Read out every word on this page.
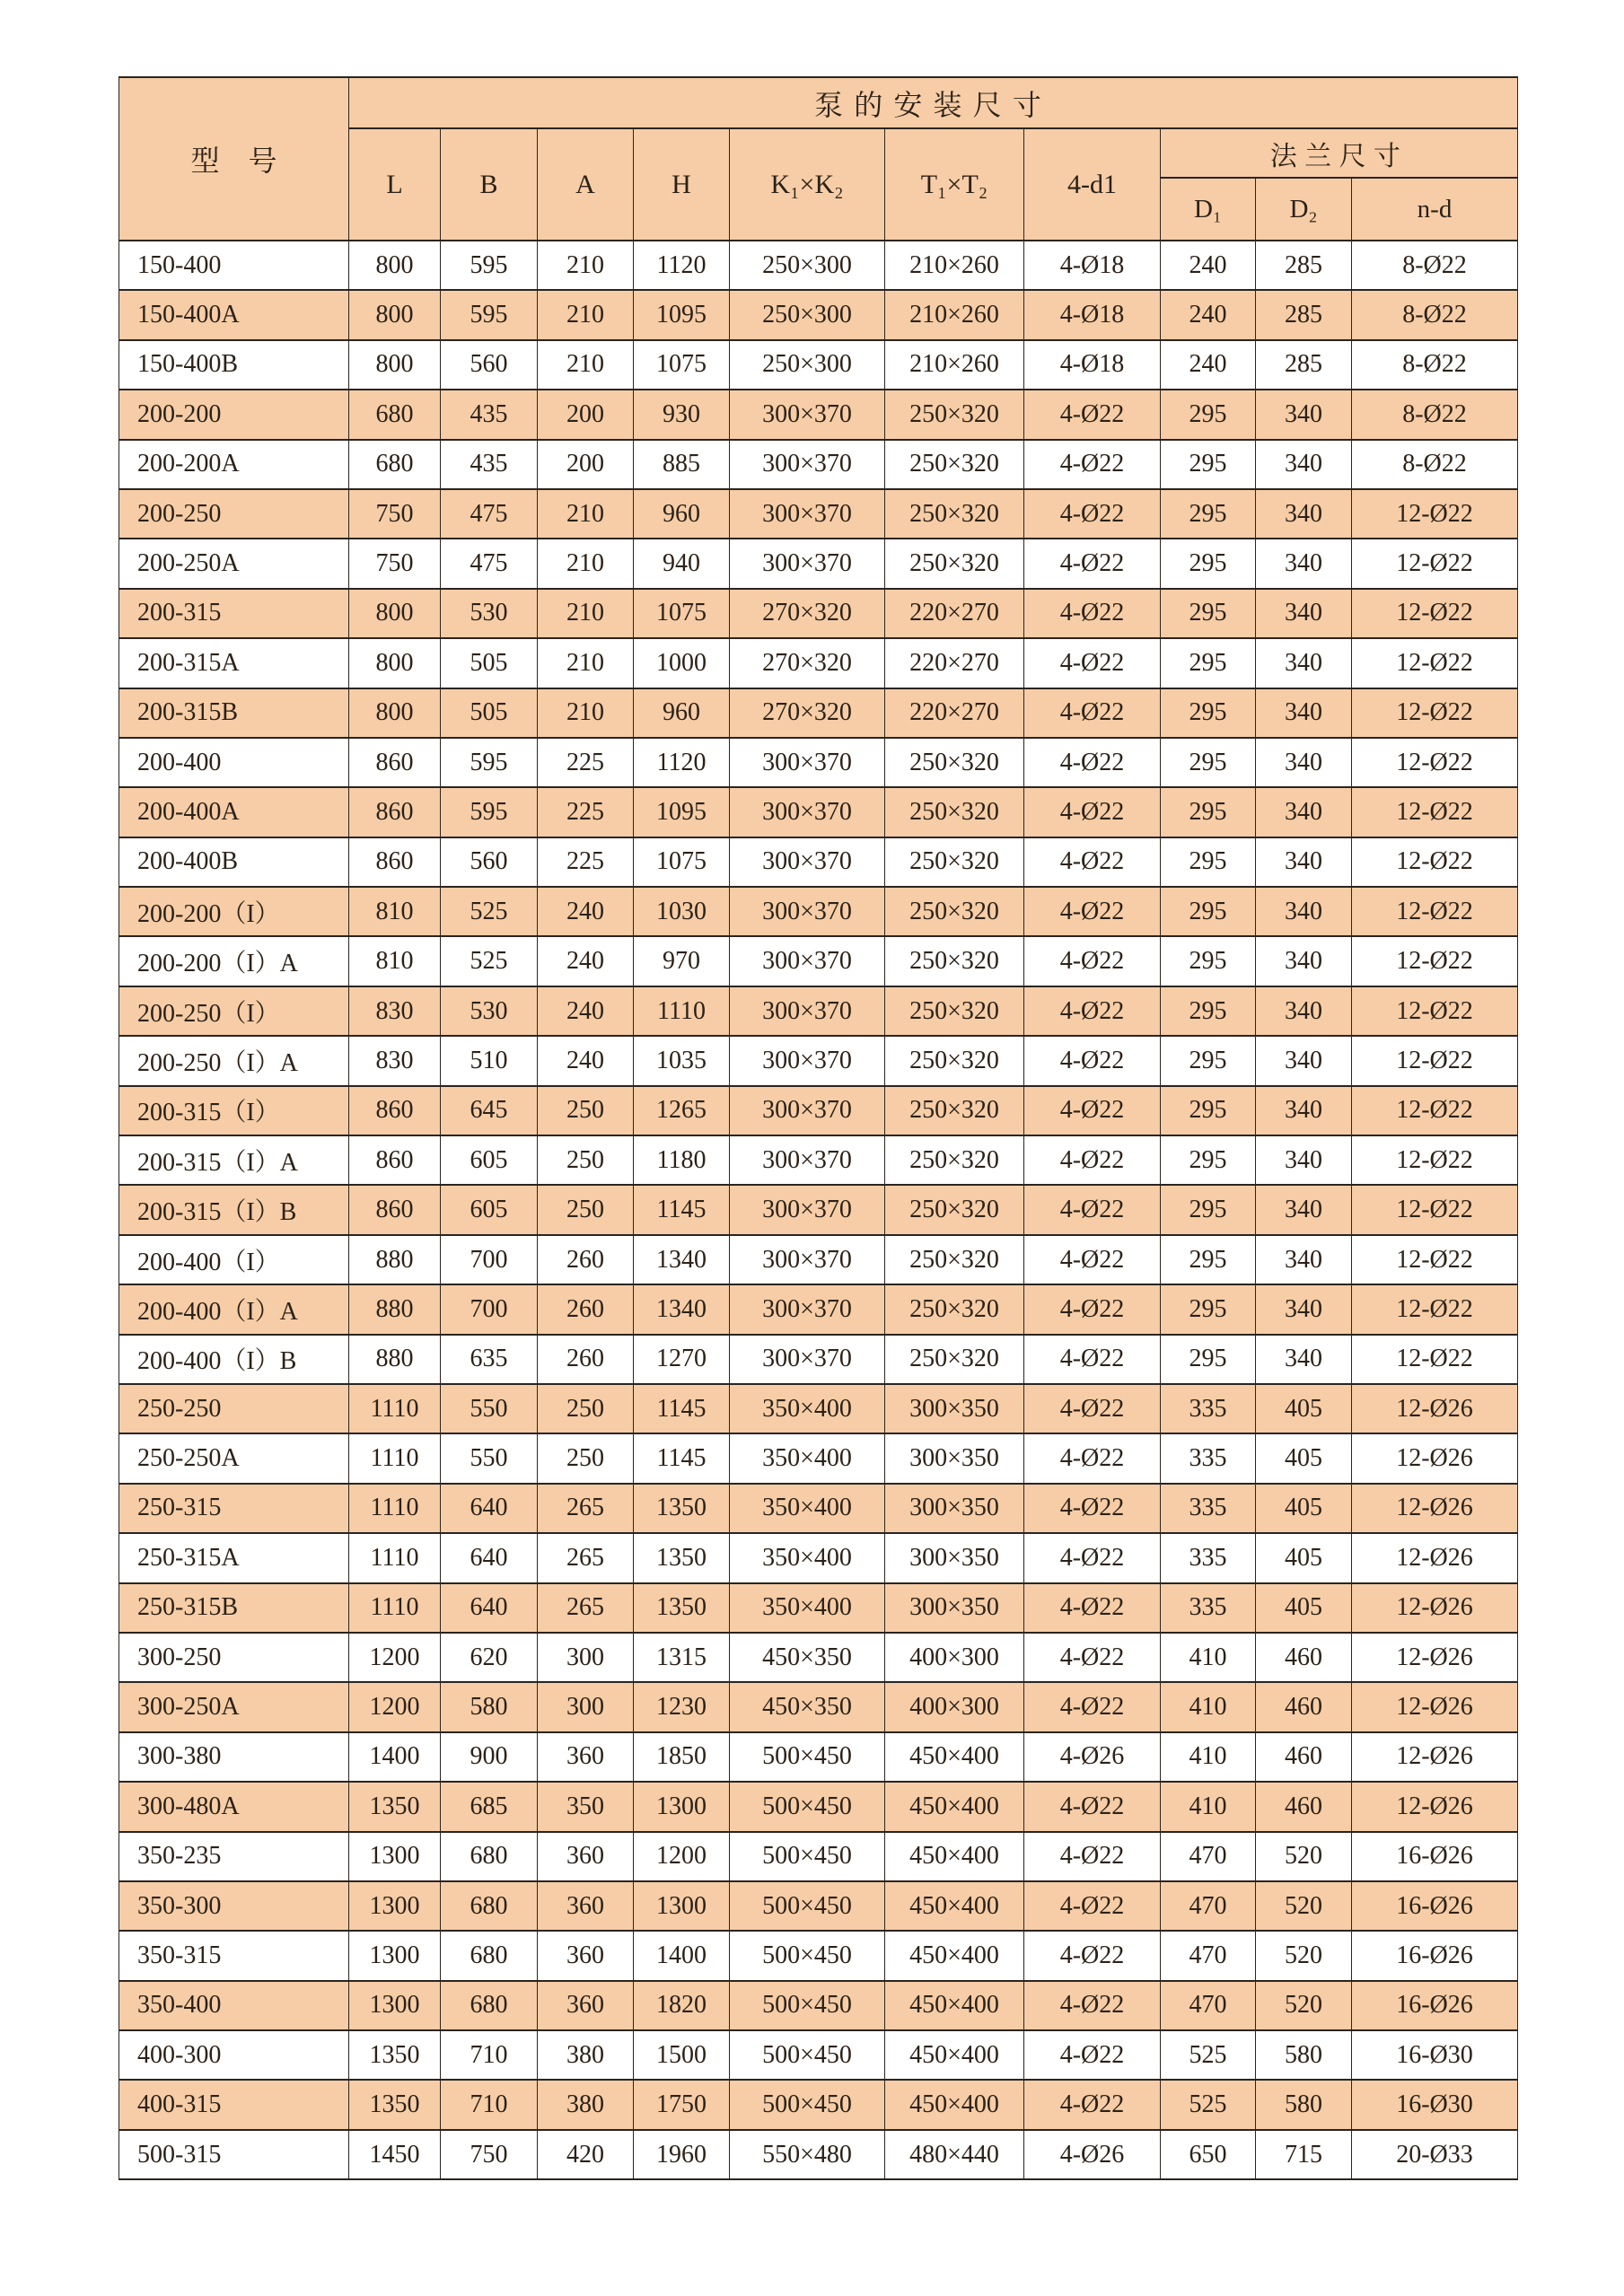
型　号	泵的安装尺寸									
	L	B	A	H	K₁×K₂	T₁×T₂	4-d1	法兰尺寸		
								D₁	D₂	n-d
150-400	800	595	210	1120	250×300	210×260	4-Ø18	240	285	8-Ø22
150-400A	800	595	210	1095	250×300	210×260	4-Ø18	240	285	8-Ø22
150-400B	800	560	210	1075	250×300	210×260	4-Ø18	240	285	8-Ø22
200-200	680	435	200	930	300×370	250×320	4-Ø22	295	340	8-Ø22
200-200A	680	435	200	885	300×370	250×320	4-Ø22	295	340	8-Ø22
200-250	750	475	210	960	300×370	250×320	4-Ø22	295	340	12-Ø22
200-250A	750	475	210	940	300×370	250×320	4-Ø22	295	340	12-Ø22
200-315	800	530	210	1075	270×320	220×270	4-Ø22	295	340	12-Ø22
200-315A	800	505	210	1000	270×320	220×270	4-Ø22	295	340	12-Ø22
200-315B	800	505	210	960	270×320	220×270	4-Ø22	295	340	12-Ø22
200-400	860	595	225	1120	300×370	250×320	4-Ø22	295	340	12-Ø22
200-400A	860	595	225	1095	300×370	250×320	4-Ø22	295	340	12-Ø22
200-400B	860	560	225	1075	300×370	250×320	4-Ø22	295	340	12-Ø22
200-200（I）	810	525	240	1030	300×370	250×320	4-Ø22	295	340	12-Ø22
200-200（I）A	810	525	240	970	300×370	250×320	4-Ø22	295	340	12-Ø22
200-250（I）	830	530	240	1110	300×370	250×320	4-Ø22	295	340	12-Ø22
200-250（I）A	830	510	240	1035	300×370	250×320	4-Ø22	295	340	12-Ø22
200-315（I）	860	645	250	1265	300×370	250×320	4-Ø22	295	340	12-Ø22
200-315（I）A	860	605	250	1180	300×370	250×320	4-Ø22	295	340	12-Ø22
200-315（I）B	860	605	250	1145	300×370	250×320	4-Ø22	295	340	12-Ø22
200-400（I）	880	700	260	1340	300×370	250×320	4-Ø22	295	340	12-Ø22
200-400（I）A	880	700	260	1340	300×370	250×320	4-Ø22	295	340	12-Ø22
200-400（I）B	880	635	260	1270	300×370	250×320	4-Ø22	295	340	12-Ø22
250-250	1110	550	250	1145	350×400	300×350	4-Ø22	335	405	12-Ø26
250-250A	1110	550	250	1145	350×400	300×350	4-Ø22	335	405	12-Ø26
250-315	1110	640	265	1350	350×400	300×350	4-Ø22	335	405	12-Ø26
250-315A	1110	640	265	1350	350×400	300×350	4-Ø22	335	405	12-Ø26
250-315B	1110	640	265	1350	350×400	300×350	4-Ø22	335	405	12-Ø26
300-250	1200	620	300	1315	450×350	400×300	4-Ø22	410	460	12-Ø26
300-250A	1200	580	300	1230	450×350	400×300	4-Ø22	410	460	12-Ø26
300-380	1400	900	360	1850	500×450	450×400	4-Ø26	410	460	12-Ø26
300-480A	1350	685	350	1300	500×450	450×400	4-Ø22	410	460	12-Ø26
350-235	1300	680	360	1200	500×450	450×400	4-Ø22	470	520	16-Ø26
350-300	1300	680	360	1300	500×450	450×400	4-Ø22	470	520	16-Ø26
350-315	1300	680	360	1400	500×450	450×400	4-Ø22	470	520	16-Ø26
350-400	1300	680	360	1820	500×450	450×400	4-Ø22	470	520	16-Ø26
400-300	1350	710	380	1500	500×450	450×400	4-Ø22	525	580	16-Ø30
400-315	1350	710	380	1750	500×450	450×400	4-Ø22	525	580	16-Ø30
500-315	1450	750	420	1960	550×480	480×440	4-Ø26	650	715	20-Ø33
